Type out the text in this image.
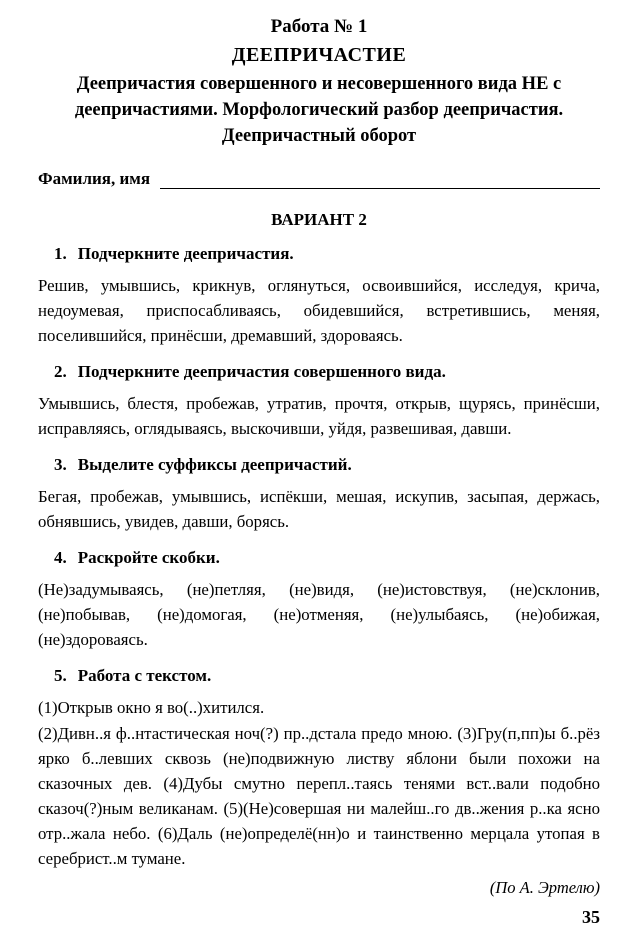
Работа № 1
ДЕЕПРИЧАСТИЕ
Деепричастия совершенного и несовершенного вида НЕ с деепричастиями. Морфологический разбор деепричастия. Деепричастный оборот
Фамилия, имя
ВАРИАНТ 2
1. Подчеркните деепричастия.

Решив, умывшись, крикнув, оглянуться, освоившийся, исследуя, крича, недоумевая, приспосабливаясь, обидевшийся, встретившись, меняя, поселившийся, принёсши, дремавший, здороваясь.

2. Подчеркните деепричастия совершенного вида.

Умывшись, блестя, пробежав, утратив, прочтя, открыв, щурясь, принёсши, исправляясь, оглядываясь, выскочивши, уйдя, развешивая, давши.

3. Выделите суффиксы деепричастий.

Бегая, пробежав, умывшись, испёкши, мешая, искупив, засыпая, держась, обнявшись, увидев, давши, борясь.

4. Раскройте скобки.

(Не)задумываясь, (не)петляя, (не)видя, (не)истовствуя, (не)склонив, (не)побывав, (не)домогая, (не)отменяя, (не)улыбаясь, (не)обижая, (не)здороваясь.

5. Работа с текстом.

(1)Открыв окно я во(..)хитился.

(2)Дивн..я ф..нтастическая ноч(?) пр..дстала предо мною. (3)Гру(п,пп)ы б..рёз ярко б..левших сквозь (не)подвижную листву яблони были похожи на сказочных дев. (4)Дубы смутно перепл..таясь тенями вст..вали подобно сказоч(?)ным великанам. (5)(Не)совершая ни малейш..го дв..жения р..ка ясно отр..жала небо. (6)Даль (не)определё(нн)о и таинственно мерцала утопая в серебрист..м тумане.

(По А. Эртелю)
35
